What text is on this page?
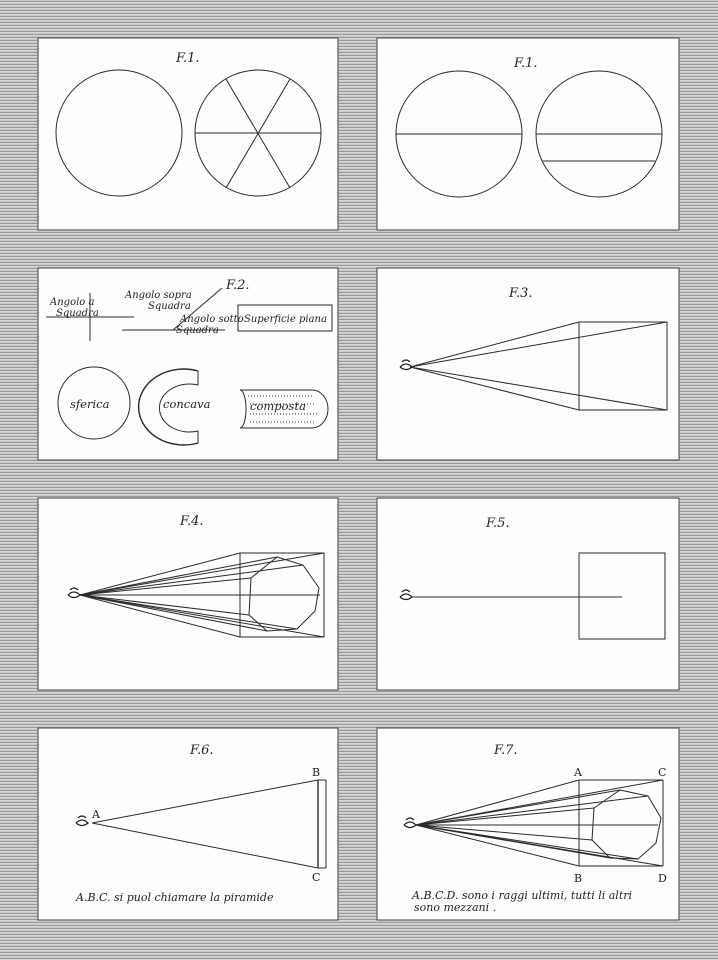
F.1.	F.1.
F.2.
Angolo a
Squadra
Angolo sopra
Squadra
Angolo sotto
Squadra
Superficie piana
sferica	concava	composta
F.3.
F.4.	F.5.
F.6.
A
B
C
A.B.C. si puol chiamare la piramide
F.7.
A
B
C
D
A.B.C.D. sono i raggi ultimi, tutti li altri
sono mezzani .
